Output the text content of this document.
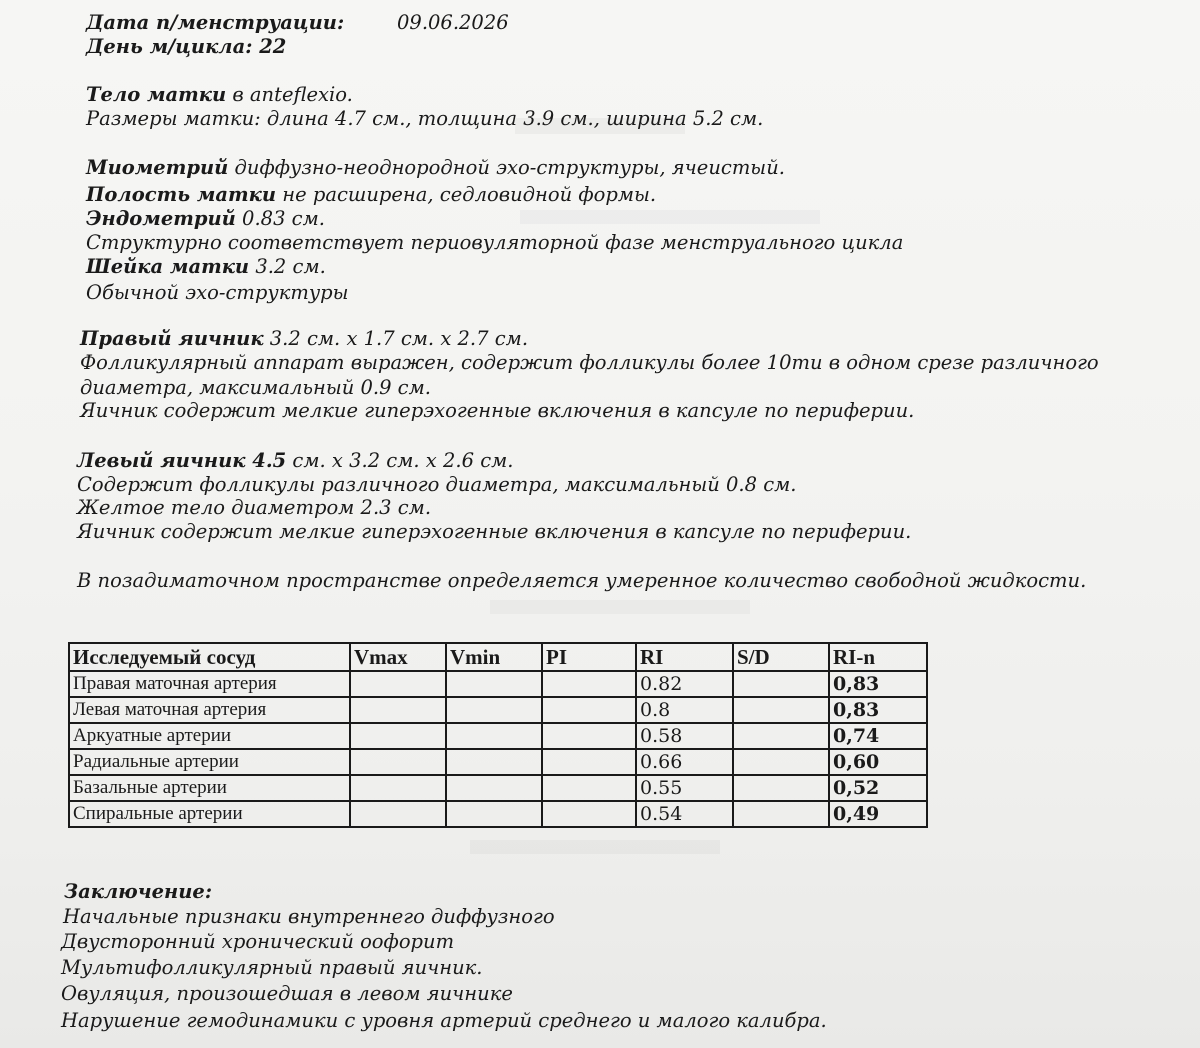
Дата п/менструации:	09.06.2026
День м/цикла: 22
Тело матки в anteflexio.
Размеры матки: длина 4.7 см., толщина 3.9 см., ширина 5.2 см.
Миометрий диффузно-неоднородной эхо-структуры, ячеистый.
Полость матки не расширена, седловидной формы.
Эндометрий 0.83 см.
Структурно соответствует периовуляторной фазе менструального цикла
Шейка матки 3.2 см.
Обычной эхо-структуры
Правый яичник 3.2 см. х 1.7 см. х 2.7 см.
Фолликулярный аппарат выражен, содержит фолликулы более 10ти в одном срезе различного
диаметра, максимальный 0.9 см.
Яичник содержит мелкие гиперэхогенные включения в капсуле по периферии.
Левый яичник 4.5 см. х 3.2 см. х 2.6 см.
Содержит фолликулы различного диаметра, максимальный 0.8 см.
Желтое тело диаметром 2.3 см.
Яичник содержит мелкие гиперэхогенные включения в капсуле по периферии.
В позадиматочном пространстве определяется умеренное количество свободной жидкости.
Исследуемый сосуд	Vmax	Vmin	PI	RI	S/D	RI-n
Правая маточная артерия				0.82		0,83
Левая маточная артерия				0.8		0,83
Аркуатные артерии				0.58		0,74
Радиальные артерии				0.66		0,60
Базальные артерии				0.55		0,52
Спиральные артерии				0.54		0,49
Заключение:
Начальные признаки внутреннего диффузного
Двусторонний хронический оофорит
Мультифолликулярный правый яичник.
Овуляция, произошедшая в левом яичнике
Нарушение гемодинамики с уровня артерий среднего и малого калибра.
